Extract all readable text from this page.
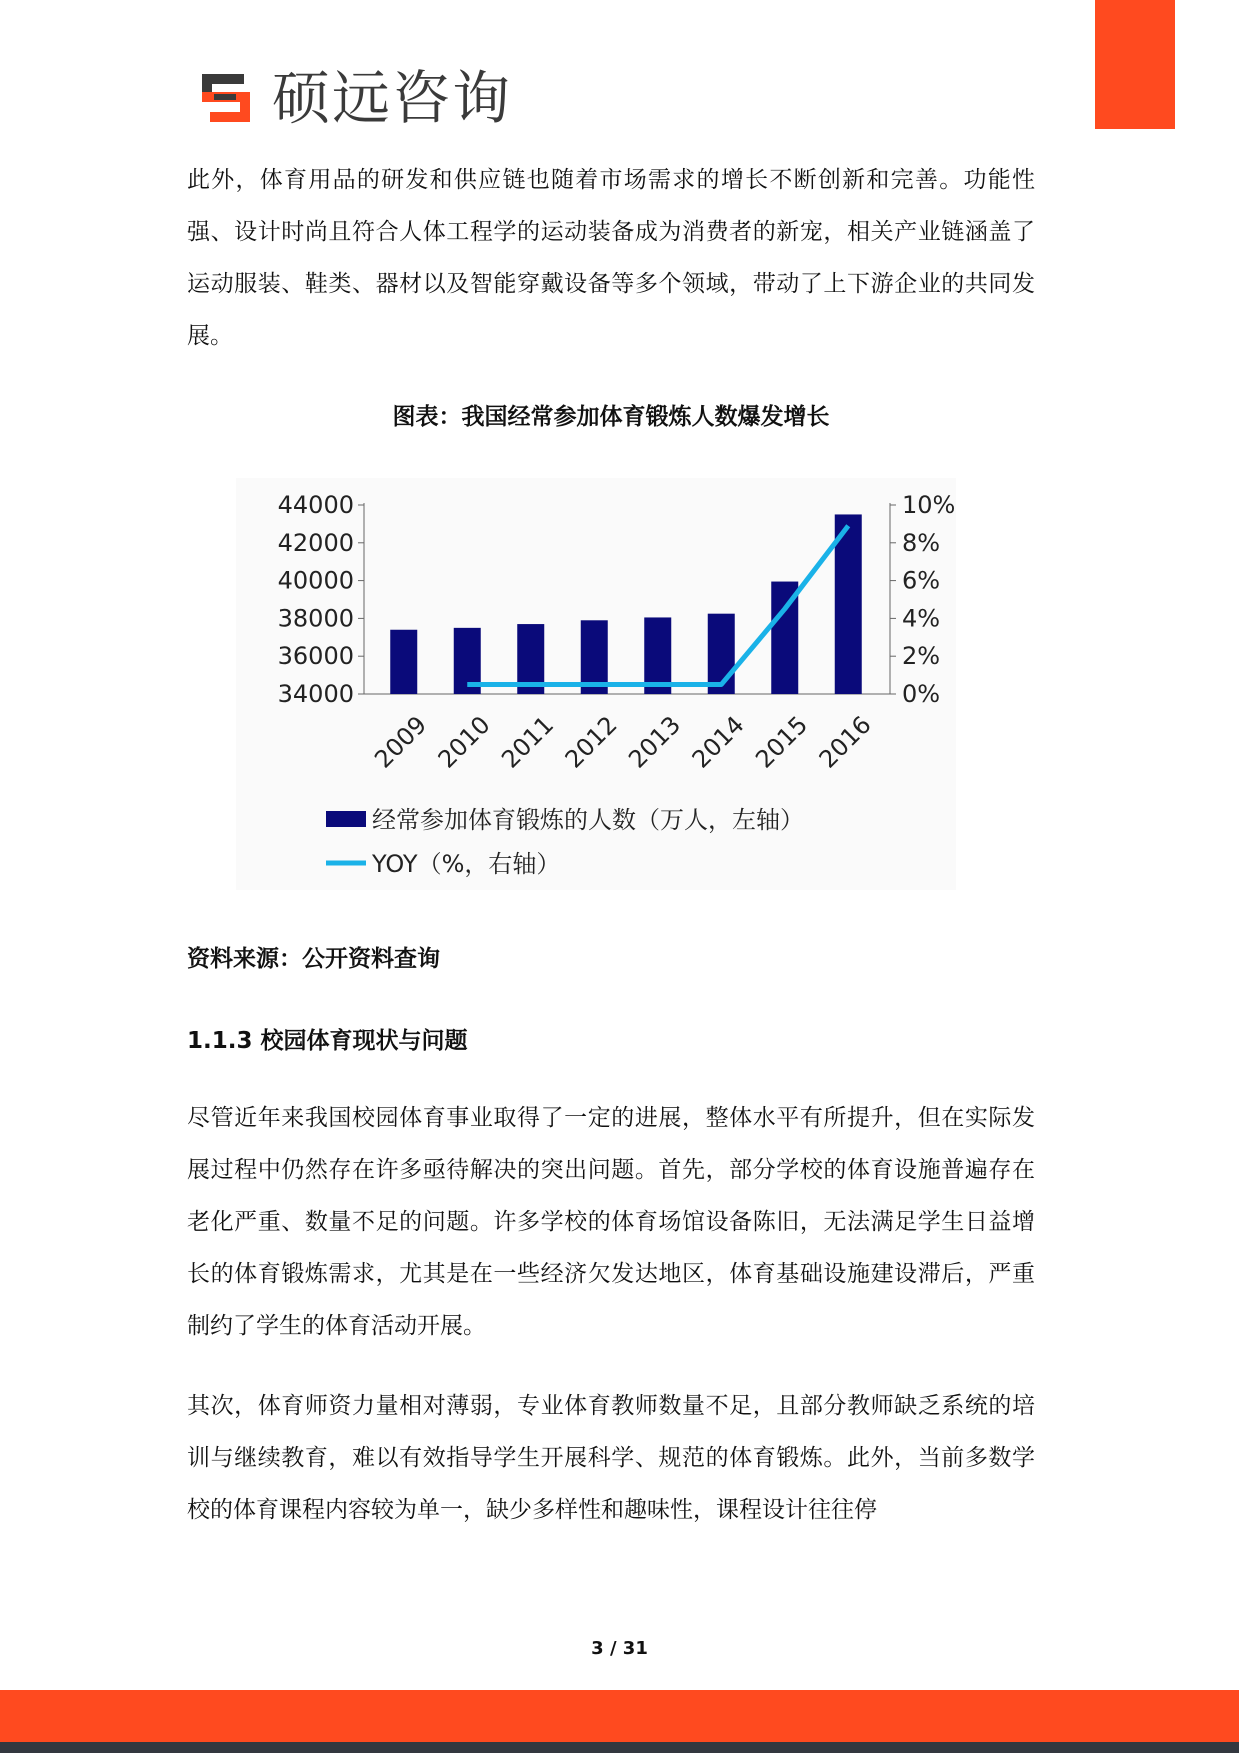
硕远咨询

此外，体育用品的研发和供应链也随着市场需求的增长不断创新和完善。功能性强、设计时尚且符合人体工程学的运动装备成为消费者的新宠，相关产业链涵盖了运动服装、鞋类、器材以及智能穿戴设备等多个领域，带动了上下游企业的共同发展。

图表：我国经常参加体育锻炼人数爆发增长
34000
36000
38000
40000
42000
44000
0%
2%
4%
6%
8%
10%
2009 2010 2011 2012 2013 2014 2015 2016
经常参加体育锻炼的人数（万人，左轴）
YOY（%，右轴）
资料来源：公开资料查询
1.1.3 校园体育现状与问题

尽管近年来我国校园体育事业取得了一定的进展，整体水平有所提升，但在实际发展过程中仍然存在许多亟待解决的突出问题。首先，部分学校的体育设施普遍存在老化严重、数量不足的问题。许多学校的体育场馆设备陈旧，无法满足学生日益增长的体育锻炼需求，尤其是在一些经济欠发达地区，体育基础设施建设滞后，严重制约了学生的体育活动开展。

其次，体育师资力量相对薄弱，专业体育教师数量不足，且部分教师缺乏系统的培训与继续教育，难以有效指导学生开展科学、规范的体育锻炼。此外，当前多数学校的体育课程内容较为单一，缺少多样性和趣味性，课程设计往往停

3 / 31
